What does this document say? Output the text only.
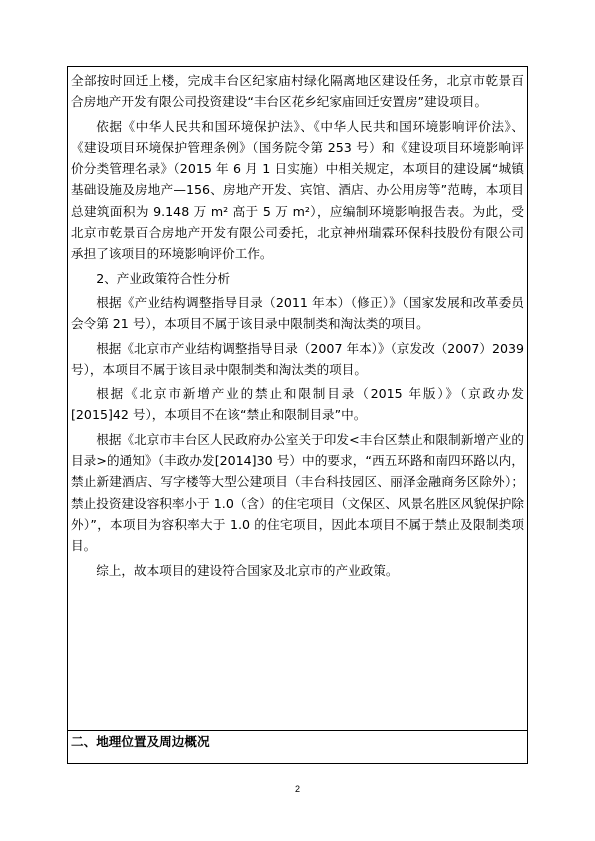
全部按时回迁上楼，完成丰台区纪家庙村绿化隔离地区建设任务，北京市乾景百合房地产开发有限公司投资建设“丰台区花乡纪家庙回迁安置房”建设项目。

依据《中华人民共和国环境保护法》、《中华人民共和国环境影响评价法》、《建设项目环境保护管理条例》（国务院令第 253 号）和《建设项目环境影响评价分类管理名录》（2015 年 6 月 1 日实施）中相关规定，本项目的建设属“城镇基础设施及房地产—156、房地产开发、宾馆、酒店、办公用房等”范畴，本项目总建筑面积为 9.148 万 m² 高于 5 万 m²），应编制环境影响报告表。为此，受北京市乾景百合房地产开发有限公司委托，北京神州瑞霖环保科技股份有限公司承担了该项目的环境影响评价工作。

2、产业政策符合性分析

根据《产业结构调整指导目录（2011 年本）（修正）》（国家发展和改革委员会令第 21 号），本项目不属于该目录中限制类和淘汰类的项目。

根据《北京市产业结构调整指导目录（2007 年本）》（京发改（2007）2039 号），本项目不属于该目录中限制类和淘汰类的项目。

根据《北京市新增产业的禁止和限制目录（2015 年版）》（京政办发[2015]42 号），本项目不在该“禁止和限制目录”中。

根据《北京市丰台区人民政府办公室关于印发<丰台区禁止和限制新增产业的目录>的通知》（丰政办发[2014]30 号）中的要求，“西五环路和南四环路以内，禁止新建酒店、写字楼等大型公建项目（丰台科技园区、丽泽金融商务区除外）；禁止投资建设容积率小于 1.0（含）的住宅项目（文保区、风景名胜区风貌保护除外）”，本项目为容积率大于 1.0 的住宅项目，因此本项目不属于禁止及限制类项目。

综上，故本项目的建设符合国家及北京市的产业政策。

二、地理位置及周边概况
2
